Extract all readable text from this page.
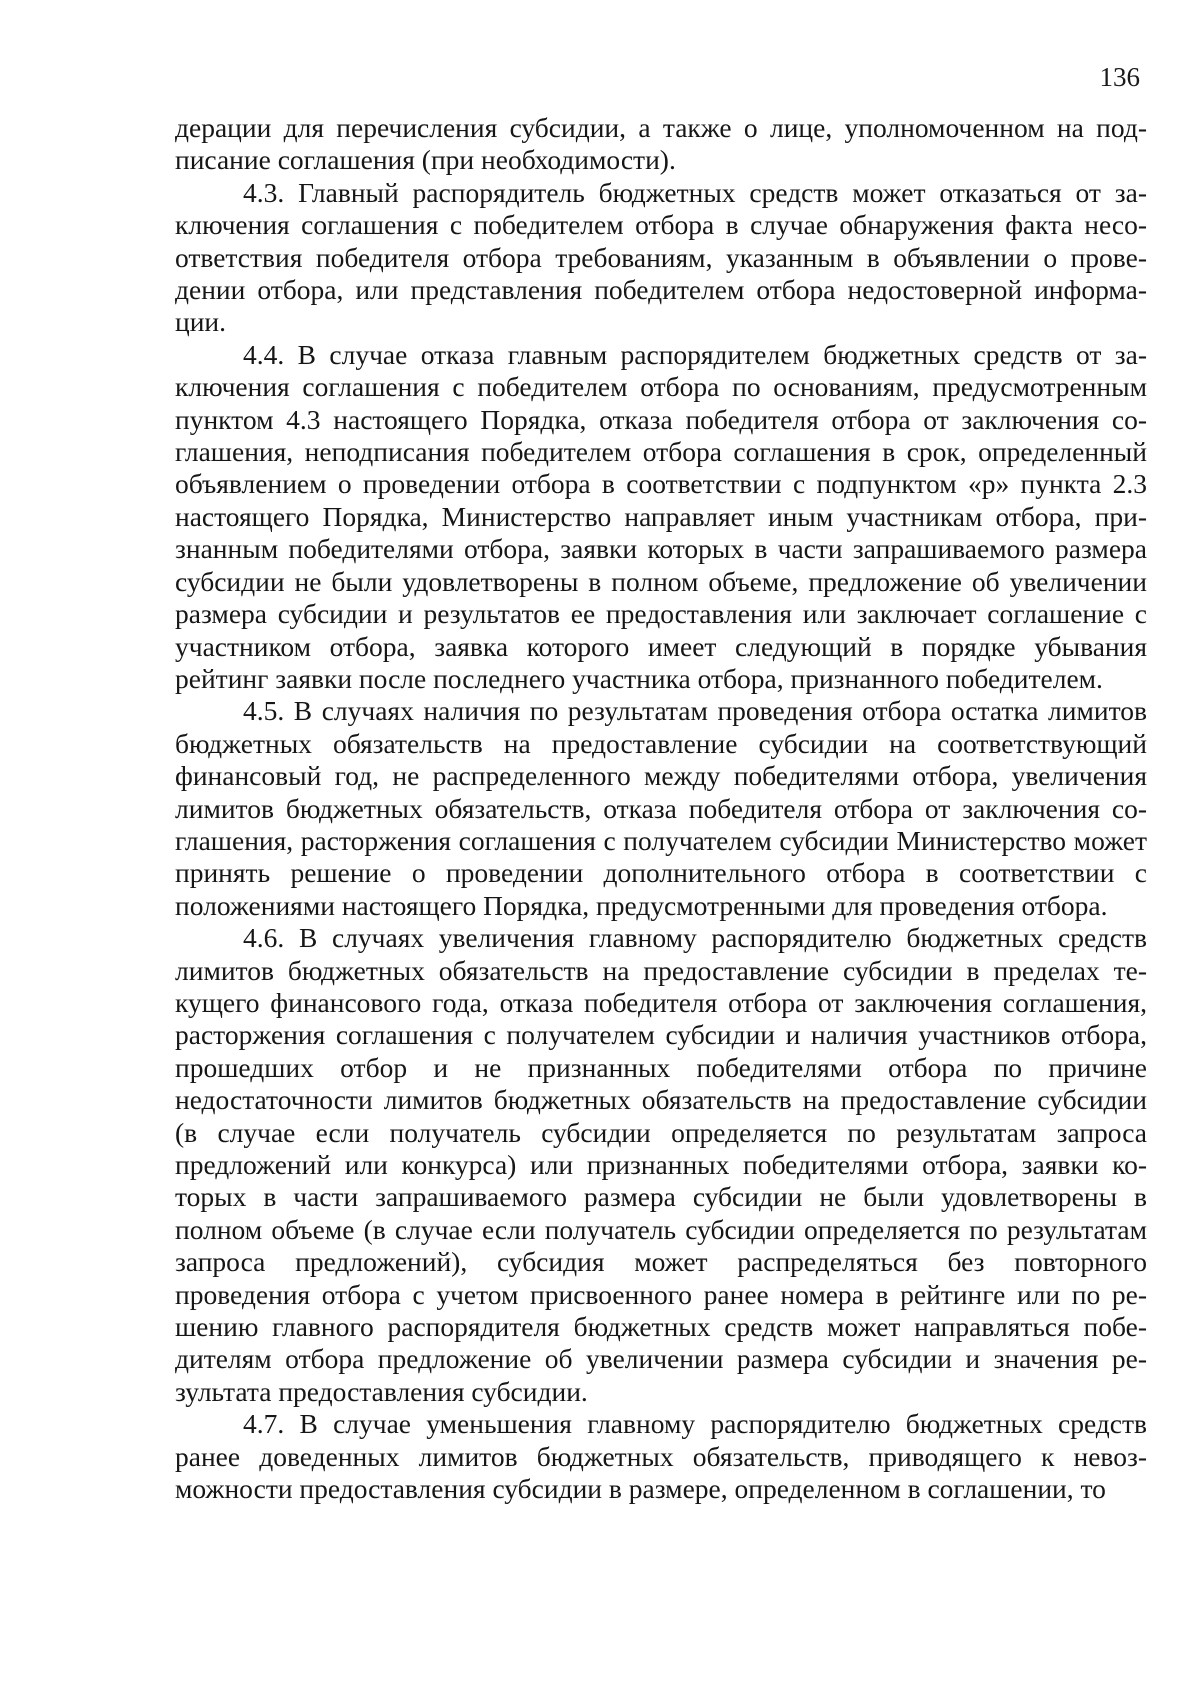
136

дерации для перечисления субсидии, а также о лице, уполномоченном на подписание соглашения (при необходимости).

4.3. Главный распорядитель бюджетных средств может отказаться от заключения соглашения с победителем отбора в случае обнаружения факта несоответствия победителя отбора требованиям, указанным в объявлении о проведении отбора, или представления победителем отбора недостоверной информации.

4.4. В случае отказа главным распорядителем бюджетных средств от заключения соглашения с победителем отбора по основаниям, предусмотренным пунктом 4.3 настоящего Порядка, отказа победителя отбора от заключения соглашения, неподписания победителем отбора соглашения в срок, определенный объявлением о проведении отбора в соответствии с подпунктом «р» пункта 2.3 настоящего Порядка, Министерство направляет иным участникам отбора, признанным победителями отбора, заявки которых в части запрашиваемого размера субсидии не были удовлетворены в полном объеме, предложение об увеличении размера субсидии и результатов ее предоставления или заключает соглашение с участником отбора, заявка которого имеет следующий в порядке убывания рейтинг заявки после последнего участника отбора, признанного победителем.

4.5. В случаях наличия по результатам проведения отбора остатка лимитов бюджетных обязательств на предоставление субсидии на соответствующий финансовый год, не распределенного между победителями отбора, увеличения лимитов бюджетных обязательств, отказа победителя отбора от заключения соглашения, расторжения соглашения с получателем субсидии Министерство может принять решение о проведении дополнительного отбора в соответствии с положениями настоящего Порядка, предусмотренными для проведения отбора.

4.6. В случаях увеличения главному распорядителю бюджетных средств лимитов бюджетных обязательств на предоставление субсидии в пределах текущего финансового года, отказа победителя отбора от заключения соглашения, расторжения соглашения с получателем субсидии и наличия участников отбора, прошедших отбор и не признанных победителями отбора по причине недостаточности лимитов бюджетных обязательств на предоставление субсидии (в случае если получатель субсидии определяется по результатам запроса предложений или конкурса) или признанных победителями отбора, заявки которых в части запрашиваемого размера субсидии не были удовлетворены в полном объеме (в случае если получатель субсидии определяется по результатам запроса предложений), субсидия может распределяться без повторного проведения отбора с учетом присвоенного ранее номера в рейтинге или по решению главного распорядителя бюджетных средств может направляться победителям отбора предложение об увеличении размера субсидии и значения результата предоставления субсидии.

4.7. В случае уменьшения главному распорядителю бюджетных средств ранее доведенных лимитов бюджетных обязательств, приводящего к невозможности предоставления субсидии в размере, определенном в соглашении, то
